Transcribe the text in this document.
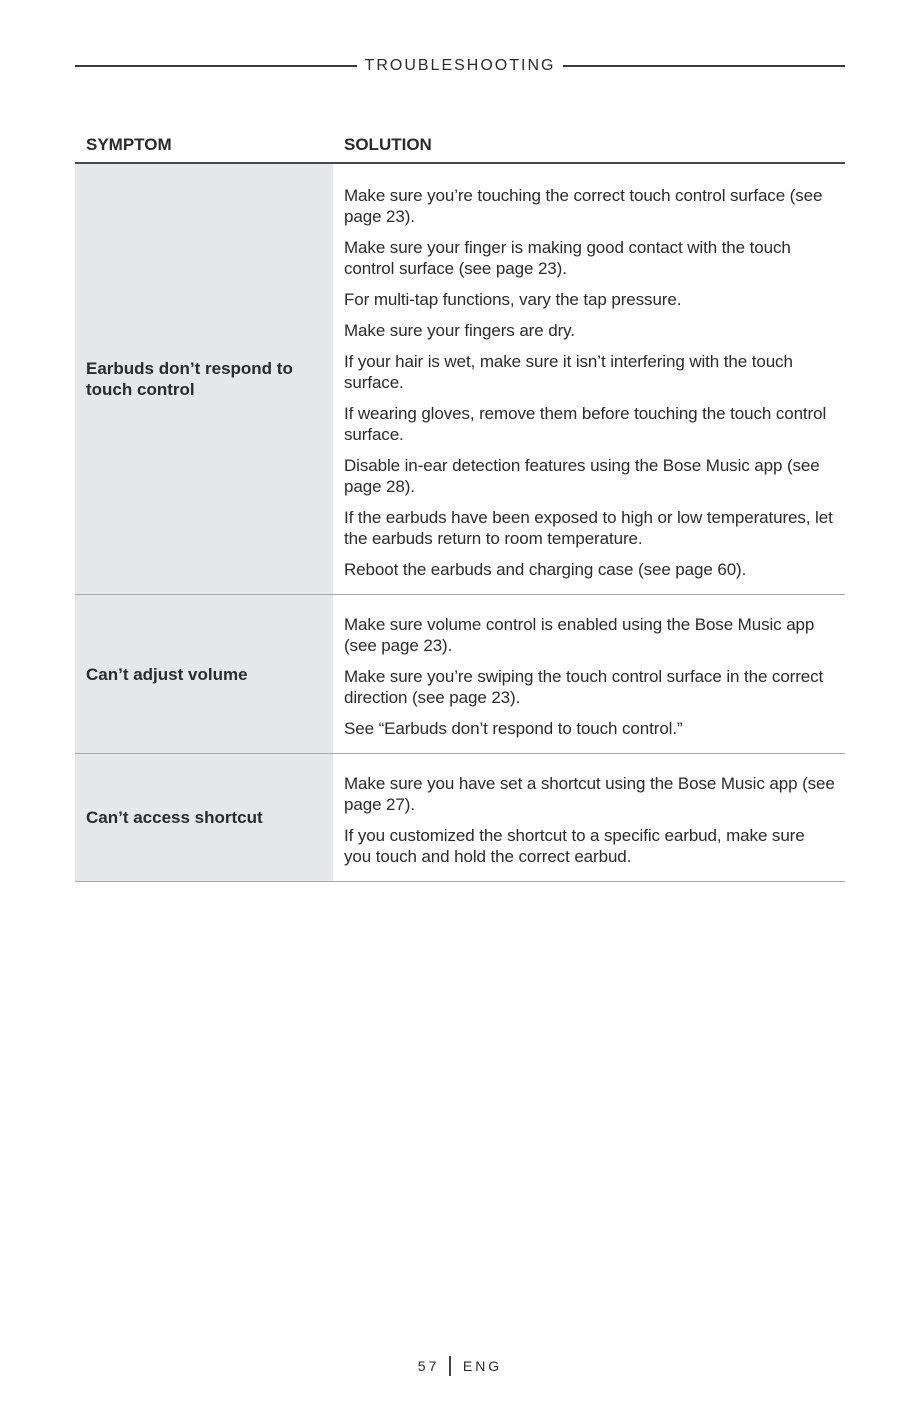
TROUBLESHOOTING
SYMPTOM	SOLUTION
Earbuds don’t respond to touch control
Make sure you’re touching the correct touch control surface (see page 23).
Make sure your finger is making good contact with the touch control surface (see page 23).
For multi-tap functions, vary the tap pressure.
Make sure your fingers are dry.
If your hair is wet, make sure it isn’t interfering with the touch surface.
If wearing gloves, remove them before touching the touch control surface.
Disable in-ear detection features using the Bose Music app (see page 28).
If the earbuds have been exposed to high or low temperatures, let the earbuds return to room temperature.
Reboot the earbuds and charging case (see page 60).
Can’t adjust volume
Make sure volume control is enabled using the Bose Music app (see page 23).
Make sure you’re swiping the touch control surface in the correct direction (see page 23).
See “Earbuds don’t respond to touch control.”
Can’t access shortcut
Make sure you have set a shortcut using the Bose Music app (see page 27).
If you customized the shortcut to a specific earbud, make sure you touch and hold the correct earbud.
57 ENG
